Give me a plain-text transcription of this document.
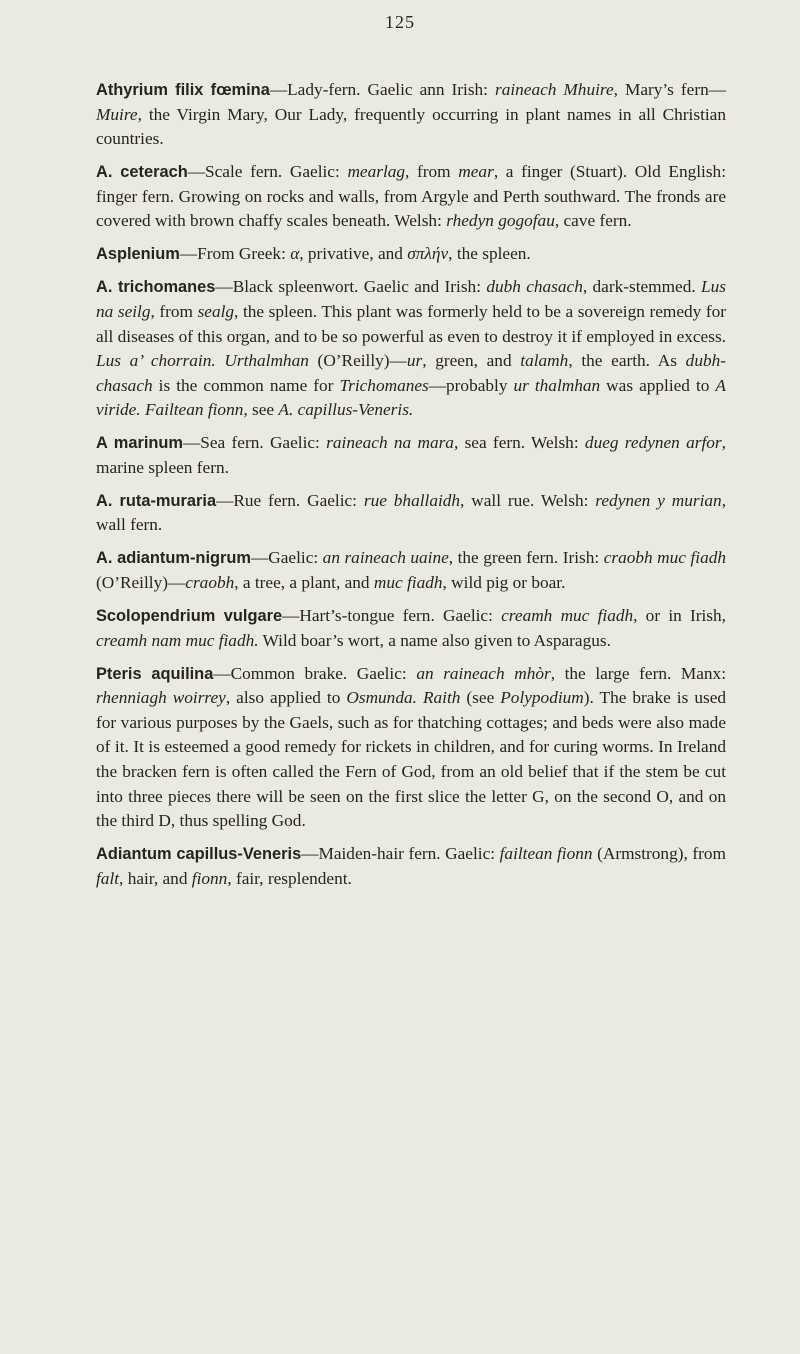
125

Athyrium filix fœmina—Lady-fern. Gaelic ann Irish: raineach Mhuire, Mary’s fern—Muire, the Virgin Mary, Our Lady, frequently occurring in plant names in all Christian countries.

A. ceterach—Scale fern. Gaelic: mearlag, from mear, a finger (Stuart). Old English: finger fern. Growing on rocks and walls, from Argyle and Perth southward. The fronds are covered with brown chaffy scales beneath. Welsh: rhedyn gogofau, cave fern.

Asplenium—From Greek: α, privative, and σπλήν, the spleen.

A. trichomanes—Black spleenwort. Gaelic and Irish: dubh chasach, dark-stemmed. Lus na seilg, from sealg, the spleen. This plant was formerly held to be a sovereign remedy for all diseases of this organ, and to be so powerful as even to destroy it if employed in excess. Lus a’ chorrain. Urthalmhan (O’Reilly)—ur, green, and talamh, the earth. As dubh-chasach is the common name for Trichomanes—probably ur thalmhan was applied to A viride. Failtean fionn, see A. capillus-Veneris.

A marinum—Sea fern. Gaelic: raineach na mara, sea fern. Welsh: dueg redynen arfor, marine spleen fern.

A. ruta-muraria—Rue fern. Gaelic: rue bhallaidh, wall rue. Welsh: redynen y murian, wall fern.

A. adiantum-nigrum—Gaelic: an raineach uaine, the green fern. Irish: craobh muc fiadh (O’Reilly)—craobh, a tree, a plant, and muc fiadh, wild pig or boar.

Scolopendrium vulgare—Hart’s-tongue fern. Gaelic: creamh muc fiadh, or in Irish, creamh nam muc fiadh. Wild boar’s wort, a name also given to Asparagus.

Pteris aquilina—Common brake. Gaelic: an raineach mhòr, the large fern. Manx: rhenniagh woirrey, also applied to Osmunda. Raith (see Polypodium). The brake is used for various purposes by the Gaels, such as for thatching cottages; and beds were also made of it. It is esteemed a good remedy for rickets in children, and for curing worms. In Ireland the bracken fern is often called the Fern of God, from an old belief that if the stem be cut into three pieces there will be seen on the first slice the letter G, on the second O, and on the third D, thus spelling God.

Adiantum capillus-Veneris—Maiden-hair fern. Gaelic: failtean fionn (Armstrong), from falt, hair, and fionn, fair, resplendent.
